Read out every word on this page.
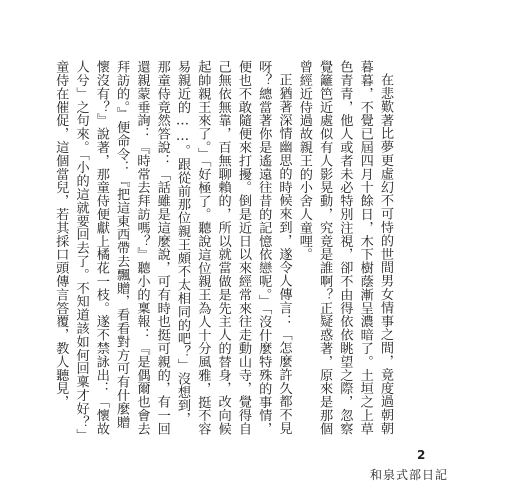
在悲歎著比夢更虛幻不可恃的世間男女情事之間，竟度過朝朝暮暮，不覺已屆四月十餘日，木下樹蔭漸呈濃暗了。土垣之上草色青青，他人或者未必特別注視，卻不由得依依眺望之際，忽察覺籬笆近處似有人影晃動，究竟是誰啊？正疑惑著，原來是那個曾經近侍過故親王的小舍人童哩。

正猶著深情幽思的時候來到，遂令人傳言：「怎麼許久都不見呀？總當著你是遙遠往昔的記憶依戀呢。」「沒什麼特殊的事情，便也不敢隨便來打擾。倒是近日以來經常來往走動山寺，覺得自己無依無靠，百無聊賴的，所以就當做是先主人的替身，改向候起帥親王來了。」「好極了。聽說這位親王為人十分風雅，挺不容易親近的……。跟從前那位親王頗不太相同的吧？」沒想到，那童侍竟然答說：「話雖是這麼說，可有時也挺可親的，有一回還親蒙垂詢：『時常去拜訪嗎？』聽小的稟報：『是偶爾也會去拜訪的。』便命令：『把這東西帶去飄贈，看看對方可有什麼贈懷沒有？』說著，那童侍便獻上橘花一枝。遂不禁詠出：「懷故人兮」之句來。「小的這就要回去了。不知道該如何回稟才好？」童侍在催促，這個當兒，若其採口頭傳言答覆，教人聽見，

2
和泉式部日記
